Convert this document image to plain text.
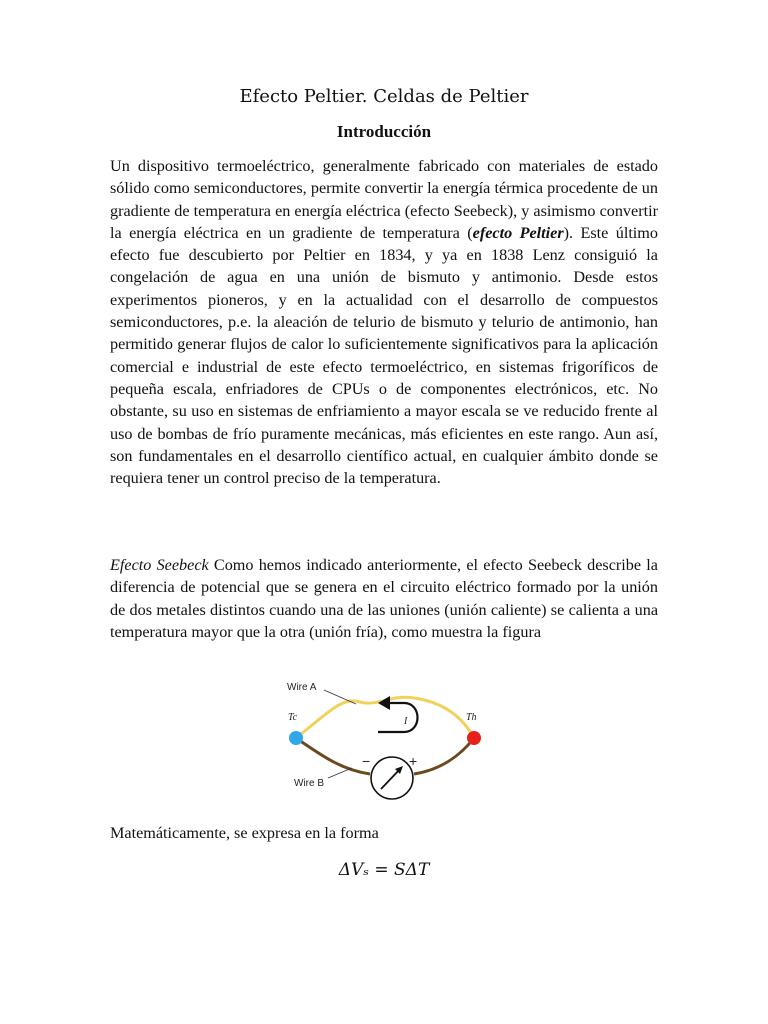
Efecto Peltier. Celdas de Peltier
Introducción

Un dispositivo termoeléctrico, generalmente fabricado con materiales de estado sólido como semiconductores, permite convertir la energía térmica procedente de un gradiente de temperatura en energía eléctrica (efecto Seebeck), y asimismo convertir la energía eléctrica en un gradiente de temperatura (efecto Peltier). Este último efecto fue descubierto por Peltier en 1834, y ya en 1838 Lenz consiguió la congelación de agua en una unión de bismuto y antimonio. Desde estos experimentos pioneros, y en la actualidad con el desarrollo de compuestos semiconductores, p.e. la aleación de telurio de bismuto y telurio de antimonio, han permitido generar flujos de calor lo suficientemente significativos para la aplicación comercial e industrial de este efecto termoeléctrico, en sistemas frigoríficos de pequeña escala, enfriadores de CPUs o de componentes electrónicos, etc. No obstante, su uso en sistemas de enfriamiento a mayor escala se ve reducido frente al uso de bombas de frío puramente mecánicas, más eficientes en este rango. Aun así, son fundamentales en el desarrollo científico actual, en cualquier ámbito donde se requiera tener un control preciso de la temperatura.

Efecto Seebeck Como hemos indicado anteriormente, el efecto Seebeck describe la diferencia de potencial que se genera en el circuito eléctrico formado por la unión de dos metales distintos cuando una de las uniones (unión caliente) se calienta a una temperatura mayor que la otra (unión fría), como muestra la figura

Wire A
Wire B
Tc	Th
I
−	+

Matemáticamente, se expresa en la forma

ΔVₛ = SΔT
